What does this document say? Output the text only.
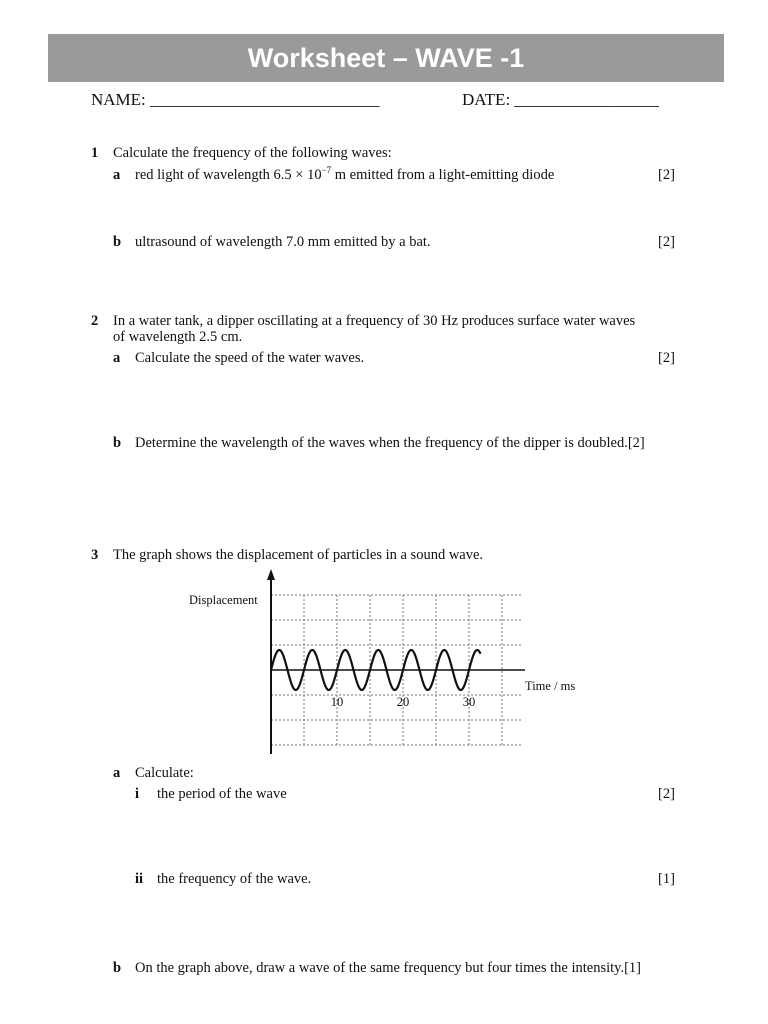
Worksheet – WAVE -1
NAME: ___________________________	DATE: _________________
1 Calculate the frequency of the following waves:
a red light of wavelength $6.5 \times 10^{-7}$ m emitted from a light-emitting diode	[2]
b ultrasound of wavelength 7.0 mm emitted by a bat.	[2]
2 In a water tank, a dipper oscillating at a frequency of 30 Hz produces surface water waves
of wavelength 2.5 cm.
a Calculate the speed of the water waves.	[2]
b Determine the wavelength of the waves when the frequency of the dipper is doubled.[2]
3 The graph shows the displacement of particles in a sound wave.
Displacement
Time / ms
10	20	30
a Calculate:
i the period of the wave	[2]
ii the frequency of the wave.	[1]
b On the graph above, draw a wave of the same frequency but four times the intensity.[1]
